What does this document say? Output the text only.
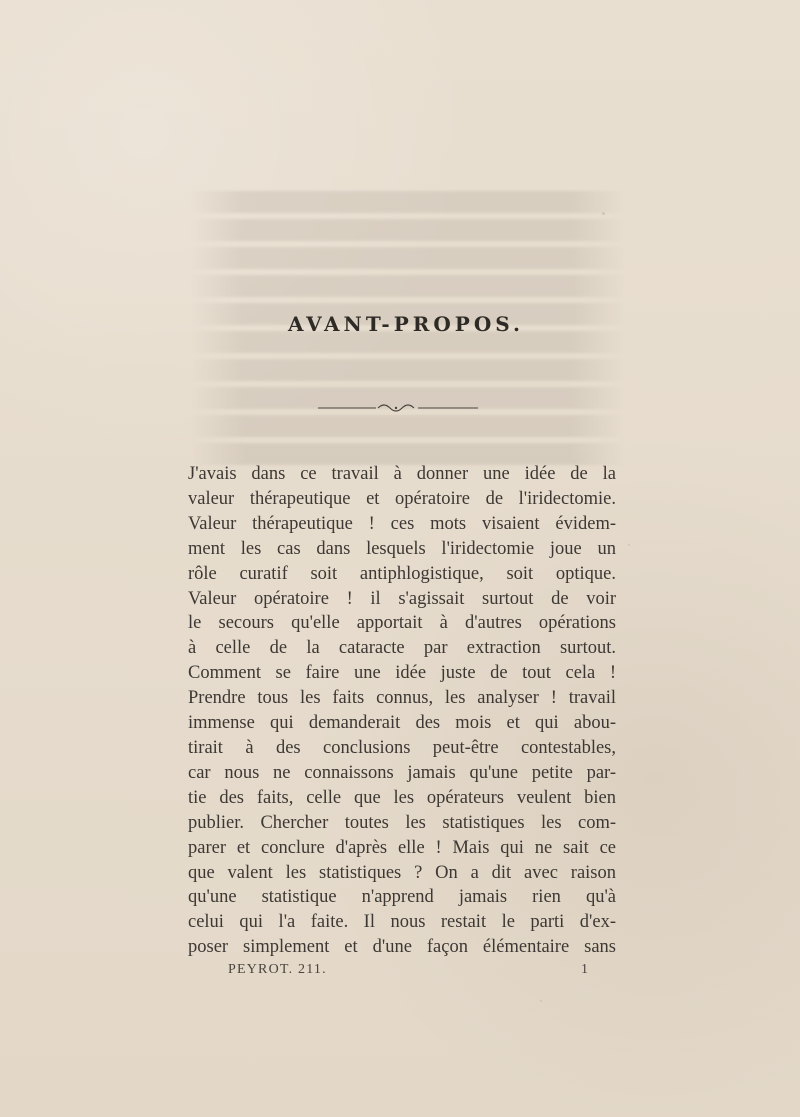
AVANT-PROPOS.
J'avais dans ce travail à donner une idée de la
valeur thérapeutique et opératoire de l'iridectomie.
Valeur thérapeutique ! ces mots visaient évidem-
ment les cas dans lesquels l'iridectomie joue un
rôle curatif soit antiphlogistique, soit optique.
Valeur opératoire ! il s'agissait surtout de voir
le secours qu'elle apportait à d'autres opérations
à celle de la cataracte par extraction surtout.
Comment se faire une idée juste de tout cela !
Prendre tous les faits connus, les analyser ! travail
immense qui demanderait des mois et qui abou-
tirait à des conclusions peut-être contestables,
car nous ne connaissons jamais qu'une petite par-
tie des faits, celle que les opérateurs veulent bien
publier. Chercher toutes les statistiques les com-
parer et conclure d'après elle ! Mais qui ne sait ce
que valent les statistiques ? On a dit avec raison
qu'une statistique n'apprend jamais rien qu'à
celui qui l'a faite. Il nous restait le parti d'ex-
poser simplement et d'une façon élémentaire sans
PEYROT. 211.	1
